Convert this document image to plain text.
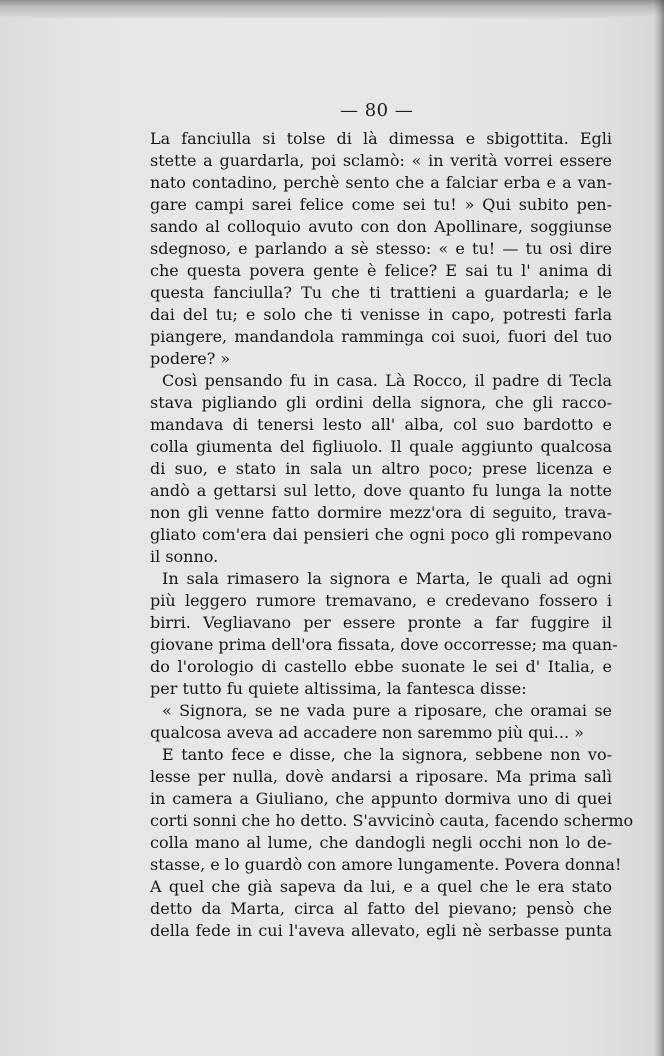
— 80 —
La fanciulla si tolse di là dimessa e sbigottita. Egli
stette a guardarla, poi sclamò: « in verità vorrei essere
nato contadino, perchè sento che a falciar erba e a van-
gare campi sarei felice come sei tu! » Qui subito pen-
sando al colloquio avuto con don Apollinare, soggiunse
sdegnoso, e parlando a sè stesso: « e tu! — tu osi dire
che questa povera gente è felice? E sai tu l' anima di
questa fanciulla? Tu che ti trattieni a guardarla; e le
dai del tu; e solo che ti venisse in capo, potresti farla
piangere, mandandola ramminga coi suoi, fuori del tuo
podere? »
Così pensando fu in casa. Là Rocco, il padre di Tecla
stava pigliando gli ordini della signora, che gli racco-
mandava di tenersi lesto all' alba, col suo bardotto e
colla giumenta del figliuolo. Il quale aggiunto qualcosa
di suo, e stato in sala un altro poco; prese licenza e
andò a gettarsi sul letto, dove quanto fu lunga la notte
non gli venne fatto dormire mezz'ora di seguito, trava-
gliato com'era dai pensieri che ogni poco gli rompevano
il sonno.
In sala rimasero la signora e Marta, le quali ad ogni
più leggero rumore tremavano, e credevano fossero i
birri. Vegliavano per essere pronte a far fuggire il
giovane prima dell'ora fissata, dove occorresse; ma quan-
do l'orologio di castello ebbe suonate le sei d' Italia, e
per tutto fu quiete altissima, la fantesca disse:
« Signora, se ne vada pure a riposare, che oramai se
qualcosa aveva ad accadere non saremmo più qui... »
E tanto fece e disse, che la signora, sebbene non vo-
lesse per nulla, dovè andarsi a riposare. Ma prima salì
in camera a Giuliano, che appunto dormiva uno di quei
corti sonni che ho detto. S'avvicinò cauta, facendo schermo
colla mano al lume, che dandogli negli occhi non lo de-
stasse, e lo guardò con amore lungamente. Povera donna!
A quel che già sapeva da lui, e a quel che le era stato
detto da Marta, circa al fatto del pievano; pensò che
della fede in cui l'aveva allevato, egli nè serbasse punta
